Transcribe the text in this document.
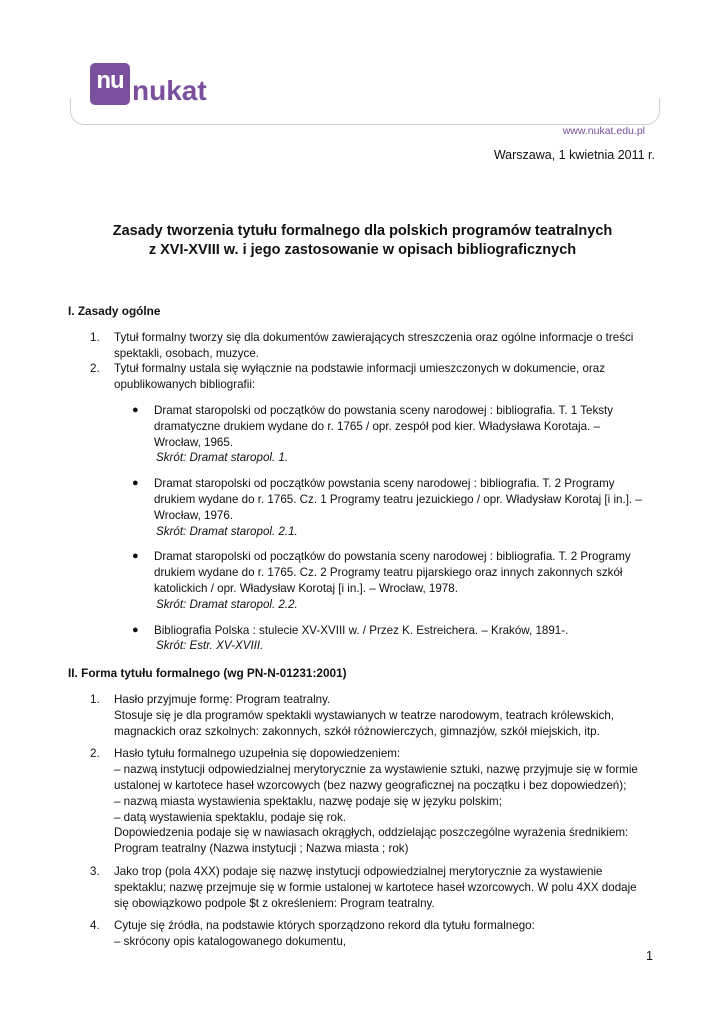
nu nukat
www.nukat.edu.pl
Warszawa, 1 kwietnia 2011 r.
Zasady tworzenia tytułu formalnego dla polskich programów teatralnych
z XVI-XVIII w. i jego zastosowanie w opisach bibliograficznych
I. Zasady ogólne
1.	Tytuł formalny tworzy się dla dokumentów zawierających streszczenia oraz ogólne informacje o treści
spektakli, osobach, muzyce.
2.	Tytuł formalny ustala się wyłącznie na podstawie informacji umieszczonych w dokumencie, oraz
opublikowanych bibliografii:
●	Dramat staropolski od początków do powstania sceny narodowej : bibliografia. T. 1 Teksty
dramatyczne drukiem wydane do r. 1765 / opr. zespół pod kier. Władysława Korotaja. –
Wrocław, 1965.
Skrót: Dramat staropol. 1.
●	Dramat staropolski od początków powstania sceny narodowej : bibliografia. T. 2 Programy
drukiem wydane do r. 1765. Cz. 1 Programy teatru jezuickiego / opr. Władysław Korotaj [i in.]. –
Wrocław, 1976.
Skrót: Dramat staropol. 2.1.
●	Dramat staropolski od początków do powstania sceny narodowej : bibliografia. T. 2 Programy
drukiem wydane do r. 1765. Cz. 2 Programy teatru pijarskiego oraz innych zakonnych szkół
katolickich / opr. Władysław Korotaj [i in.]. – Wrocław, 1978.
Skrót: Dramat staropol. 2.2.
●	Bibliografia Polska : stulecie XV-XVIII w. / Przez K. Estreichera. – Kraków, 1891-.
Skrót: Estr. XV-XVIII.
II. Forma tytułu formalnego (wg PN-N-01231:2001)
1.	Hasło przyjmuje formę: Program teatralny.
Stosuje się je dla programów spektakli wystawianych w teatrze narodowym, teatrach królewskich,
magnackich oraz szkolnych: zakonnych, szkół różnowierczych, gimnazjów, szkół miejskich, itp.
2.	Hasło tytułu formalnego uzupełnia się dopowiedzeniem:
– nazwą instytucji odpowiedzialnej merytorycznie za wystawienie sztuki, nazwę przyjmuje się w formie
ustalonej w kartotece haseł wzorcowych (bez nazwy geograficznej na początku i bez dopowiedzeń);
– nazwą miasta wystawienia spektaklu, nazwę podaje się w języku polskim;
– datą wystawienia spektaklu, podaje się rok.
Dopowiedzenia podaje się w nawiasach okrągłych, oddzielając poszczególne wyrażenia średnikiem:
Program teatralny (Nazwa instytucji ; Nazwa miasta ; rok)
3.	Jako trop (pola 4XX) podaje się nazwę instytucji odpowiedzialnej merytorycznie za wystawienie
spektaklu; nazwę przejmuje się w formie ustalonej w kartotece haseł wzorcowych. W polu 4XX dodaje
się obowiązkowo podpole $t z określeniem: Program teatralny.
4.	Cytuje się źródła, na podstawie których sporządzono rekord dla tytułu formalnego:
– skrócony opis katalogowanego dokumentu,
1
